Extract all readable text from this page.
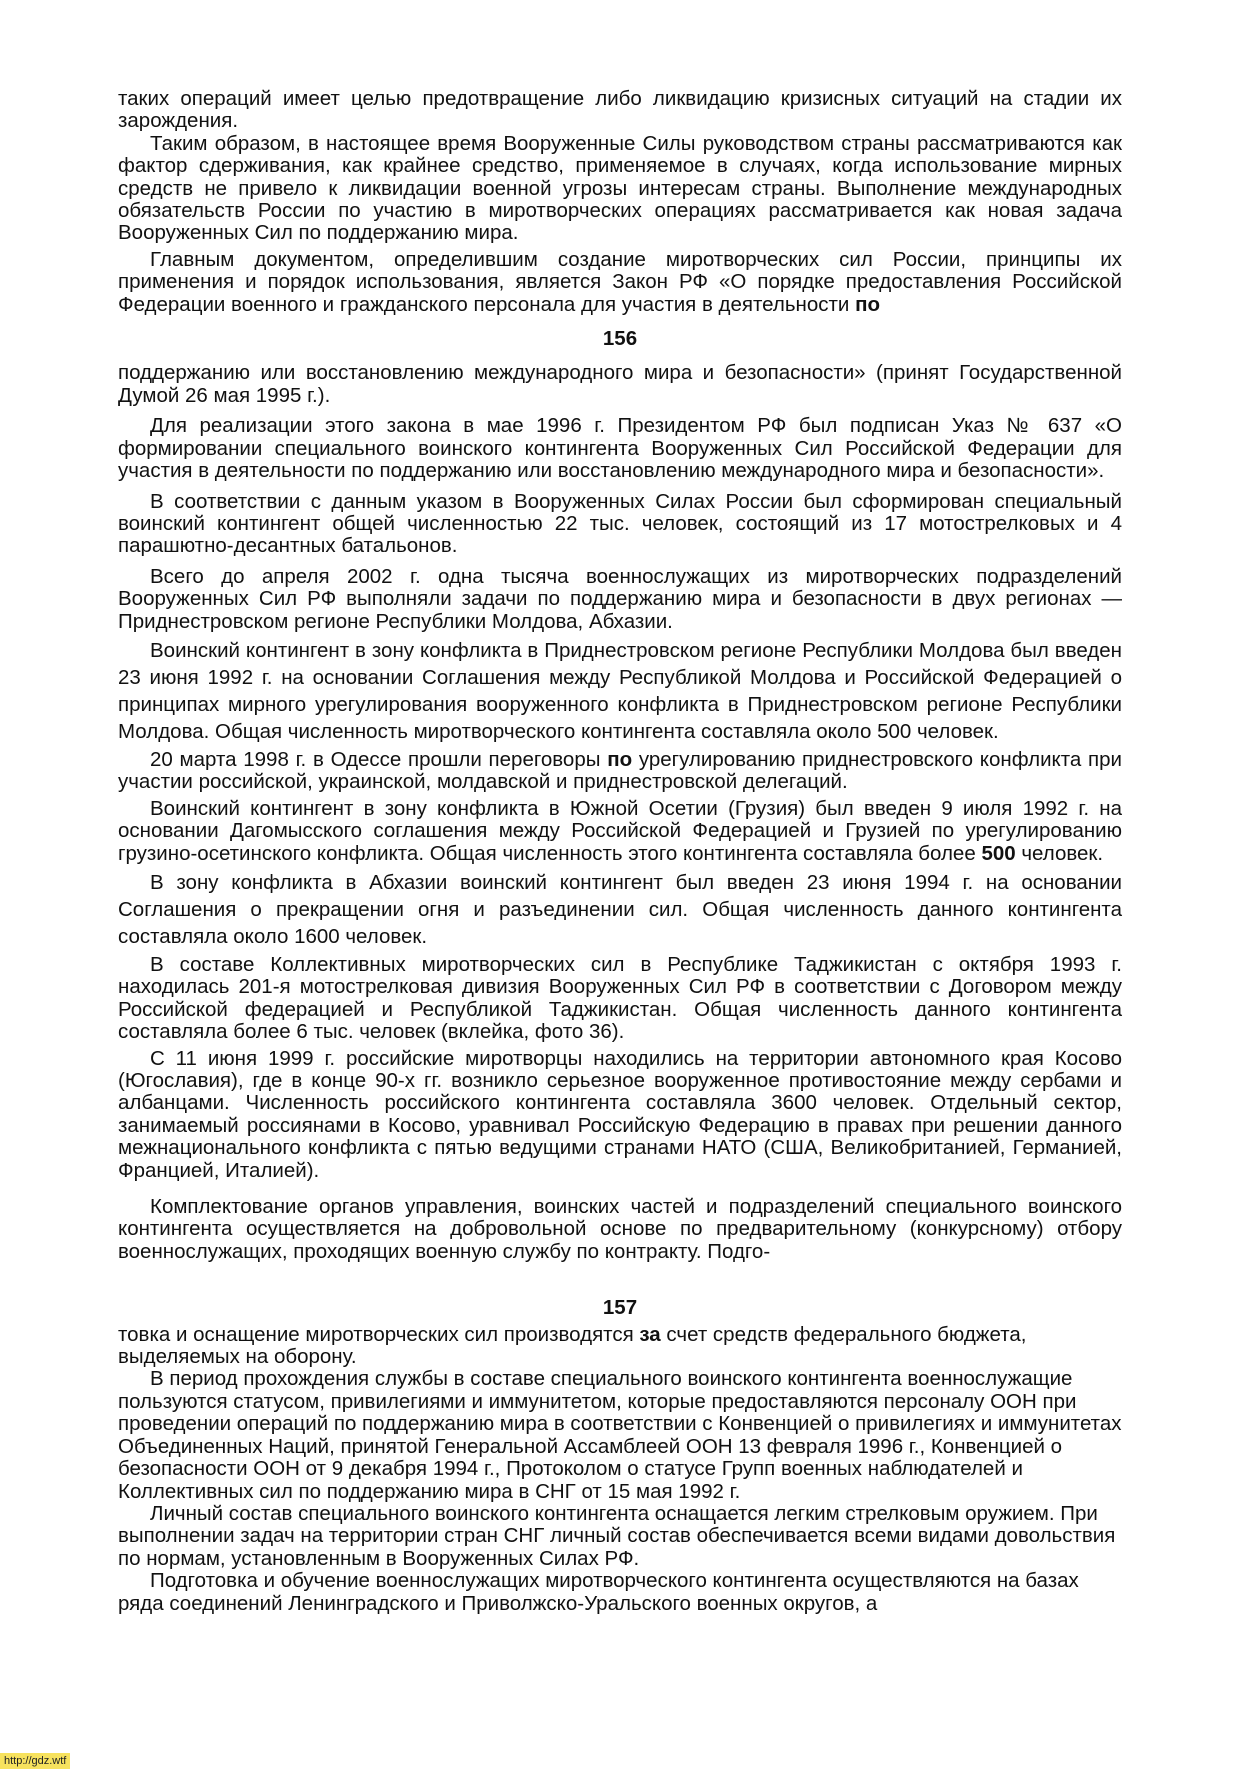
таких операций имеет целью предотвращение либо ликвидацию кризисных ситуаций на стадии их зарождения.

Таким образом, в настоящее время Вооруженные Силы руководством страны рассматриваются как фактор сдерживания, как крайнее средство, применяемое в случаях, когда использование мирных средств не привело к ликвидации военной угрозы интересам страны. Выполнение международных обязательств России по участию в миротворческих операциях рассматривается как новая задача Вооруженных Сил по поддержанию мира.

Главным документом, определившим создание миротворческих сил России, принципы их применения и порядок использования, является Закон РФ «О порядке предоставления Российской Федерации военного и гражданского персонала для участия в деятельности по

156

поддержанию или восстановлению международного мира и безопасности» (принят Государственной Думой 26 мая 1995 г.).

Для реализации этого закона в мае 1996 г. Президентом РФ был подписан Указ № 637 «О формировании специального воинского контингента Вооруженных Сил Российской Федерации для участия в деятельности по поддержанию или восстановлению международного мира и безопасности».

В соответствии с данным указом в Вооруженных Силах России был сформирован специальный воинский контингент общей численностью 22 тыс. человек, состоящий из 17 мотострелковых и 4 парашютно-десантных батальонов.

Всего до апреля 2002 г. одна тысяча военнослужащих из миротворческих подразделений Вооруженных Сил РФ выполняли задачи по поддержанию мира и безопасности в двух регионах — Приднестровском регионе Республики Молдова, Абхазии.

Воинский контингент в зону конфликта в Приднестровском регионе Республики Молдова был введен 23 июня 1992 г. на основании Соглашения между Республикой Молдова и Российской Федерацией о принципах мирного урегулирования вооруженного конфликта в Приднестровском регионе Республики Молдова. Общая численность миротворческого контингента составляла около 500 человек.

20 марта 1998 г. в Одессе прошли переговоры по урегулированию приднестровского конфликта при участии российской, украинской, молдавской и приднестровской делегаций.

Воинский контингент в зону конфликта в Южной Осетии (Грузия) был введен 9 июля 1992 г. на основании Дагомысского соглашения между Российской Федерацией и Грузией по урегулированию грузино-осетинского конфликта. Общая численность этого контингента составляла более 500 человек.

В зону конфликта в Абхазии воинский контингент был введен 23 июня 1994 г. на основании Соглашения о прекращении огня и разъединении сил. Общая численность данного контингента составляла около 1600 человек.

В составе Коллективных миротворческих сил в Республике Таджикистан с октября 1993 г. находилась 201-я мотострелковая дивизия Вооруженных Сил РФ в соответствии с Договором между Российской федерацией и Республикой Таджикистан. Общая численность данного контингента составляла более 6 тыс. человек (вклейка, фото 36).

С 11 июня 1999 г. российские миротворцы находились на территории автономного края Косово (Югославия), где в конце 90-х гг. возникло серьезное вооруженное противостояние между сербами и албанцами. Численность российского контингента составляла 3600 человек. Отдельный сектор, занимаемый россиянами в Косово, уравнивал Российскую Федерацию в правах при решении данного межнационального конфликта с пятью ведущими странами НАТО (США, Великобританией, Германией, Францией, Италией).

Комплектование органов управления, воинских частей и подразделений специального воинского контингента осуществляется на добровольной основе по предварительному (конкурсному) отбору военнослужащих, проходящих военную службу по контракту. Подго-

157

товка и оснащение миротворческих сил производятся за счет средств федерального бюджета, выделяемых на оборону.

В период прохождения службы в составе специального воинского контингента военнослужащие пользуются статусом, привилегиями и иммунитетом, которые предоставляются персоналу ООН при проведении операций по поддержанию мира в соответствии с Конвенцией о привилегиях и иммунитетах Объединенных Наций, принятой Генеральной Ассамблеей ООН 13 февраля 1996 г., Конвенцией о безопасности ООН от 9 декабря 1994 г., Протоколом о статусе Групп военных наблюдателей и Коллективных сил по поддержанию мира в СНГ от 15 мая 1992 г.

Личный состав специального воинского контингента оснащается легким стрелковым оружием. При выполнении задач на территории стран СНГ личный состав обеспечивается всеми видами довольствия по нормам, установленным в Вооруженных Силах РФ.

Подготовка и обучение военнослужащих миротворческого контингента осуществляются на базах ряда соединений Ленинградского и Приволжско-Уральского военных округов, а

http://gdz.wtf
